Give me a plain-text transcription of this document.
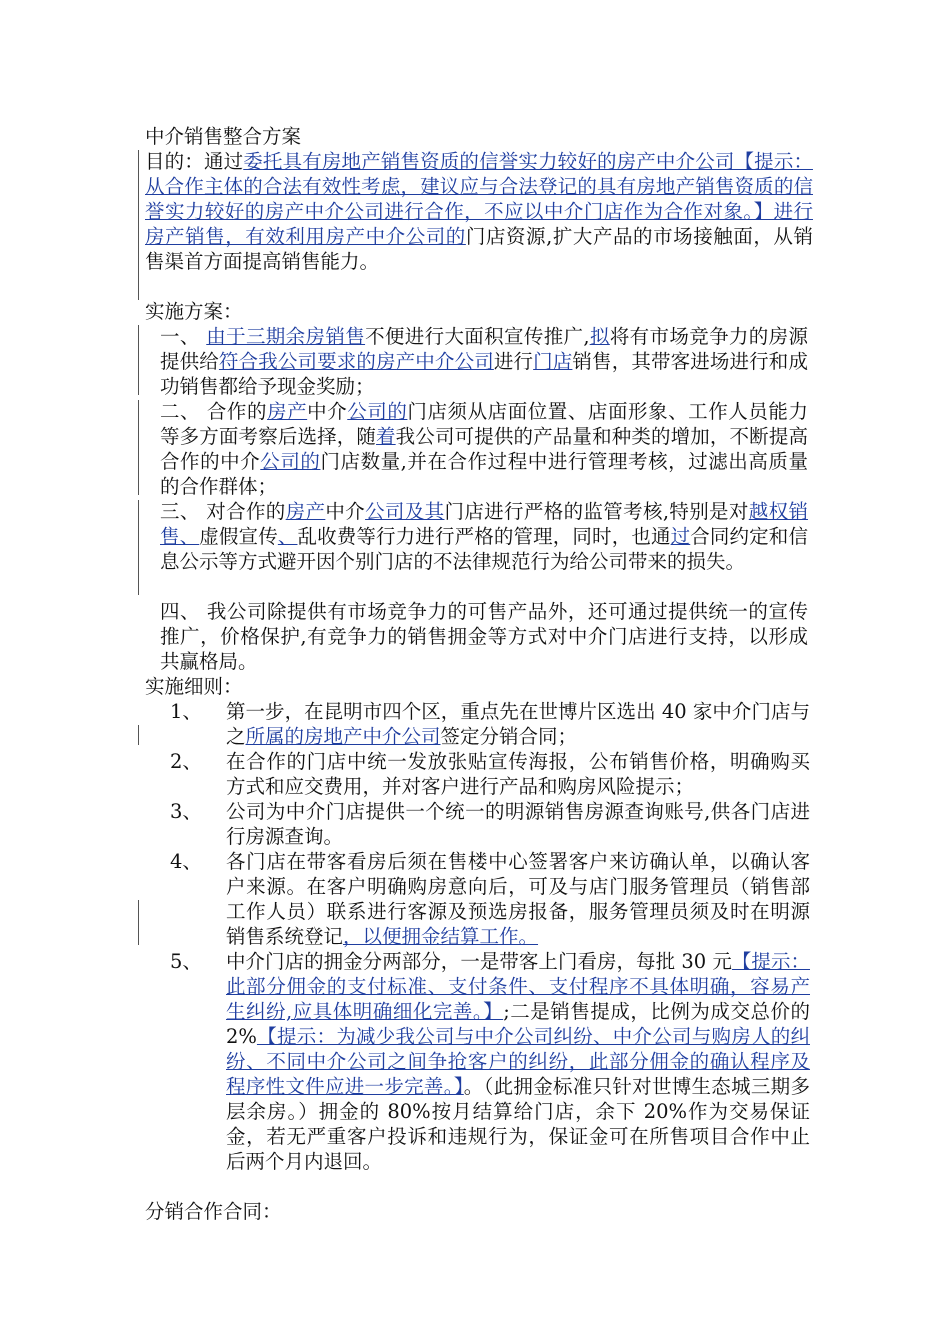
中介销售整合方案
目的：通过委托具有房地产销售资质的信誉实力较好的房产中介公司【提示：从合作主体的合法有效性考虑，建议应与合法登记的具有房地产销售资质的信誉实力较好的房产中介公司进行合作，不应以中介门店作为合作对象。】进行房产销售，有效利用房产中介公司的门店资源,扩大产品的市场接触面，从销售渠首方面提高销售能力。
实施方案：
一、 由于三期余房销售不便进行大面积宣传推广,拟将有市场竞争力的房源提供给符合我公司要求的房产中介公司进行门店销售，其带客进场进行和成功销售都给予现金奖励；
二、 合作的房产中介公司的门店须从店面位置、店面形象、工作人员能力等多方面考察后选择，随着我公司可提供的产品量和种类的增加，不断提高合作的中介公司的门店数量,并在合作过程中进行管理考核，过滤出高质量的合作群体；
三、 对合作的房产中介公司及其门店进行严格的监管考核,特别是对越权销售、虚假宣传、乱收费等行力进行严格的管理，同时，也通过合同约定和信息公示等方式避开因个别门店的不法律规范行为给公司带来的损失。
四、 我公司除提供有市场竞争力的可售产品外，还可通过提供统一的宣传推广，价格保护,有竞争力的销售拥金等方式对中介门店进行支持，以形成共赢格局。
实施细则：
1、 第一步，在昆明市四个区，重点先在世博片区选出 40 家中介门店与之所属的房地产中介公司签定分销合同；
2、 在合作的门店中统一发放张贴宣传海报，公布销售价格，明确购买方式和应交费用，并对客户进行产品和购房风险提示；
3、 公司为中介门店提供一个统一的明源销售房源查询账号,供各门店进行房源查询。
4、 各门店在带客看房后须在售楼中心签署客户来访确认单，以确认客户来源。在客户明确购房意向后，可及与店门服务管理员（销售部工作人员）联系进行客源及预选房报备，服务管理员须及时在明源销售系统登记，以便拥金结算工作。
5、 中介门店的拥金分两部分，一是带客上门看房，每批 30 元【提示：此部分佣金的支付标准、支付条件、支付程序不具体明确，容易产生纠纷,应具体明确细化完善。】;二是销售提成，比例为成交总价的 2%【提示：为减少我公司与中介公司纠纷、中介公司与购房人的纠纷、不同中介公司之间争抢客户的纠纷，此部分佣金的确认程序及程序性文件应进一步完善。】。（此拥金标准只针对世博生态城三期多层余房。）拥金的 80%按月结算给门店，余下 20%作为交易保证金，若无严重客户投诉和违规行为，保证金可在所售项目合作中止后两个月内退回。
分销合作合同：
